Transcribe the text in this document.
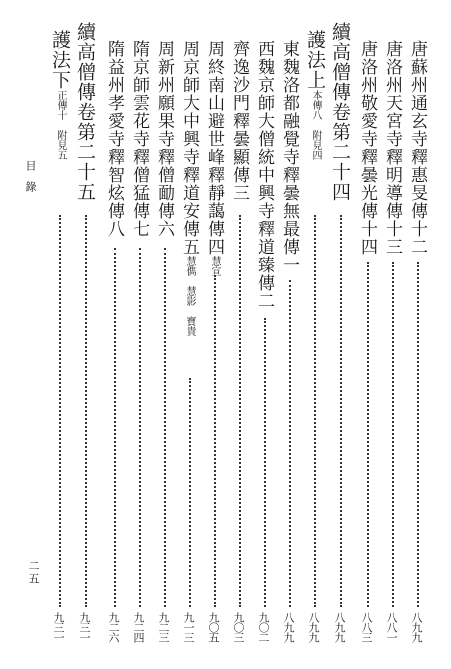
目錄
二五
唐蘇州通玄寺釋惠旻傳十二
八九九
唐洛州天宮寺釋明導傳十三
八八一
唐洛州敬愛寺釋曇光傳十四
八八三
續高僧傳卷第二十四
八九九
護法上本傳八　附見四
八九九
東魏洛都融覺寺釋曇無最傳一
八九九
西魏京師大僧統中興寺釋道臻傳二
九〇二
齊逸沙門釋曇顯傳三
九〇三
周終南山避世峰釋靜藹傳四慧宣
九〇五
周京師大中興寺釋道安傳五慧儁　慧影　寶貴
九一三
周新州願果寺釋僧勔傳六
九二三
隋京師雲花寺釋僧猛傳七
九二四
隋益州孝愛寺釋智炫傳八
九二六
續高僧傳卷第二十五
九三一
護法下正傳十　附見五
九三一
